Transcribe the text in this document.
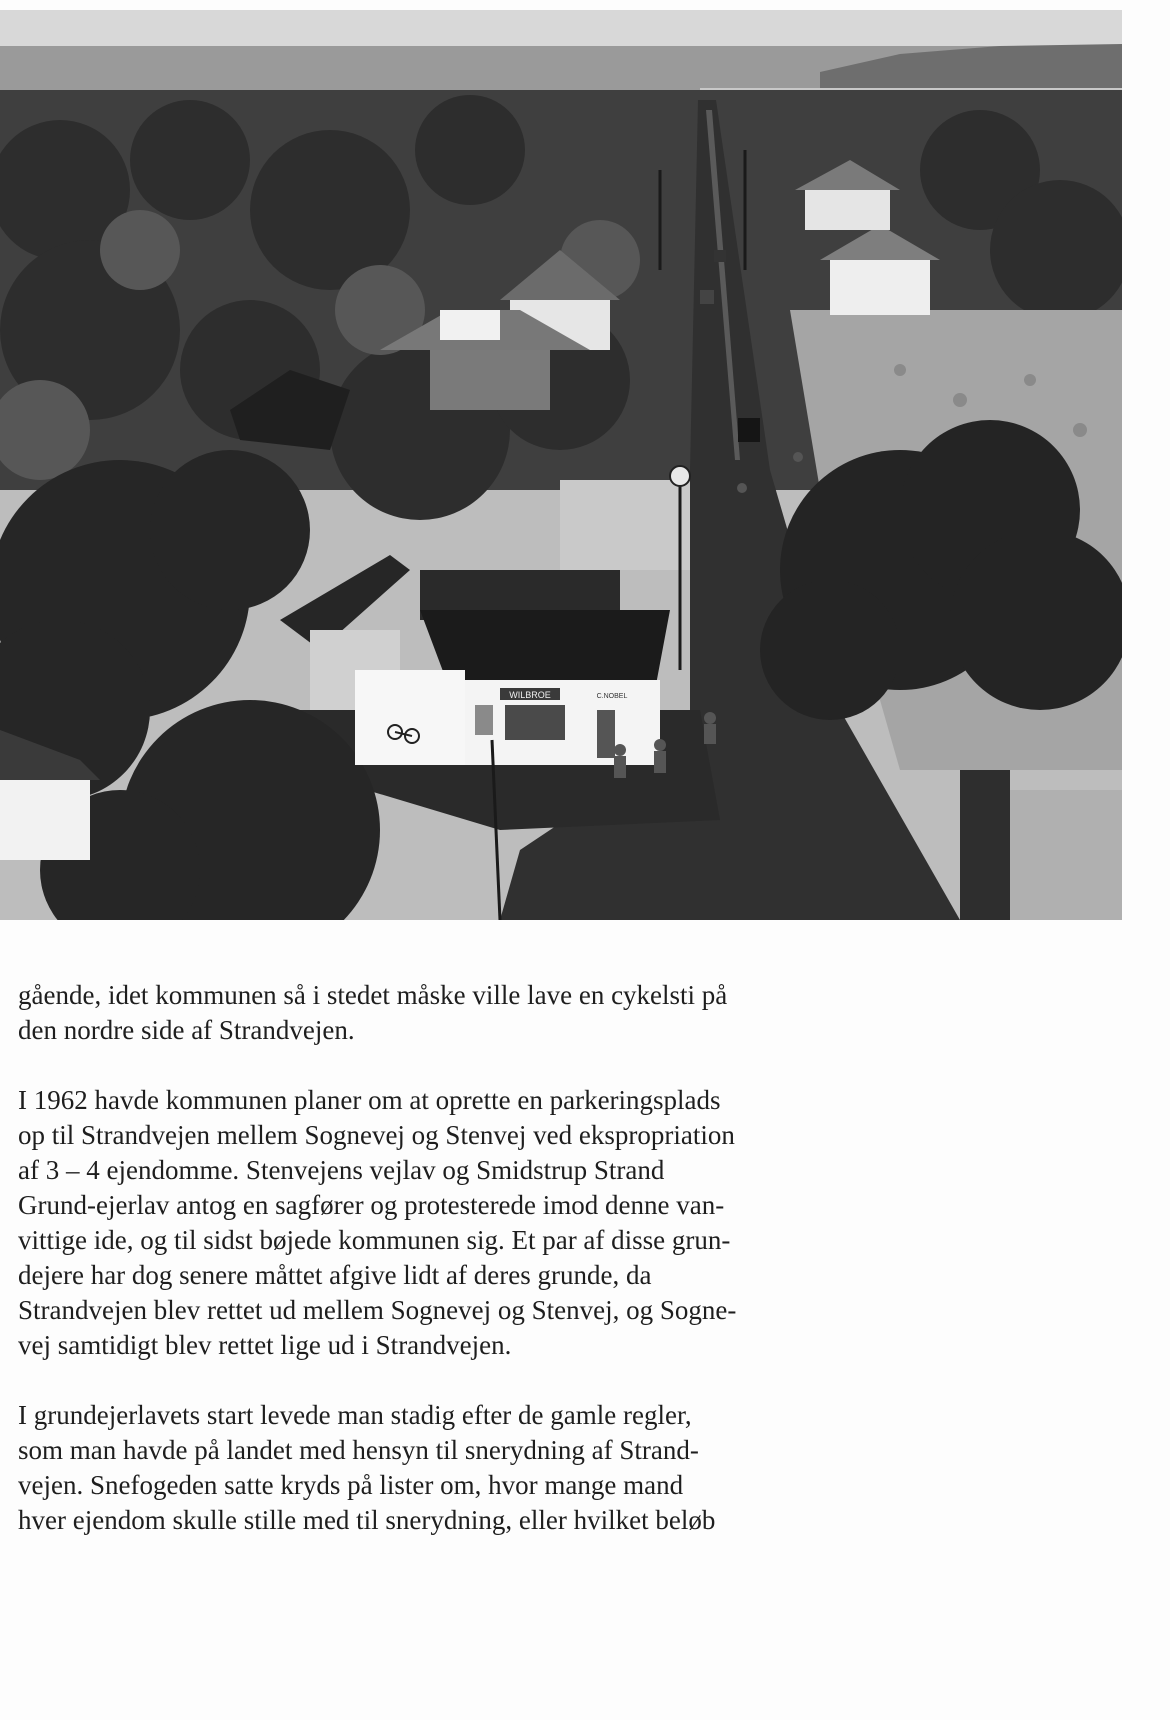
WILBROE	C.NOBEL

gående, idet kommunen så i stedet måske ville lave en cykelsti på
den nordre side af Strandvejen.

I 1962 havde kommunen planer om at oprette en parkeringsplads
op til Strandvejen mellem Sognevej og Stenvej ved ekspropriation
af 3 – 4 ejendomme. Stenvejens vejlav og Smidstrup Strand
Grund-ejerlav antog en sagfører og protesterede imod denne van-
vittige ide, og til sidst bøjede kommunen sig. Et par af disse grun-
dejere har dog senere måttet afgive lidt af deres grunde, da
Strandvejen blev rettet ud mellem Sognevej og Stenvej, og Sogne-
vej samtidigt blev rettet lige ud i Strandvejen.

I grundejerlavets start levede man stadig efter de gamle regler,
som man havde på landet med hensyn til snerydning af Strand-
vejen. Snefogeden satte kryds på lister om, hvor mange mand
hver ejendom skulle stille med til snerydning, eller hvilket beløb
